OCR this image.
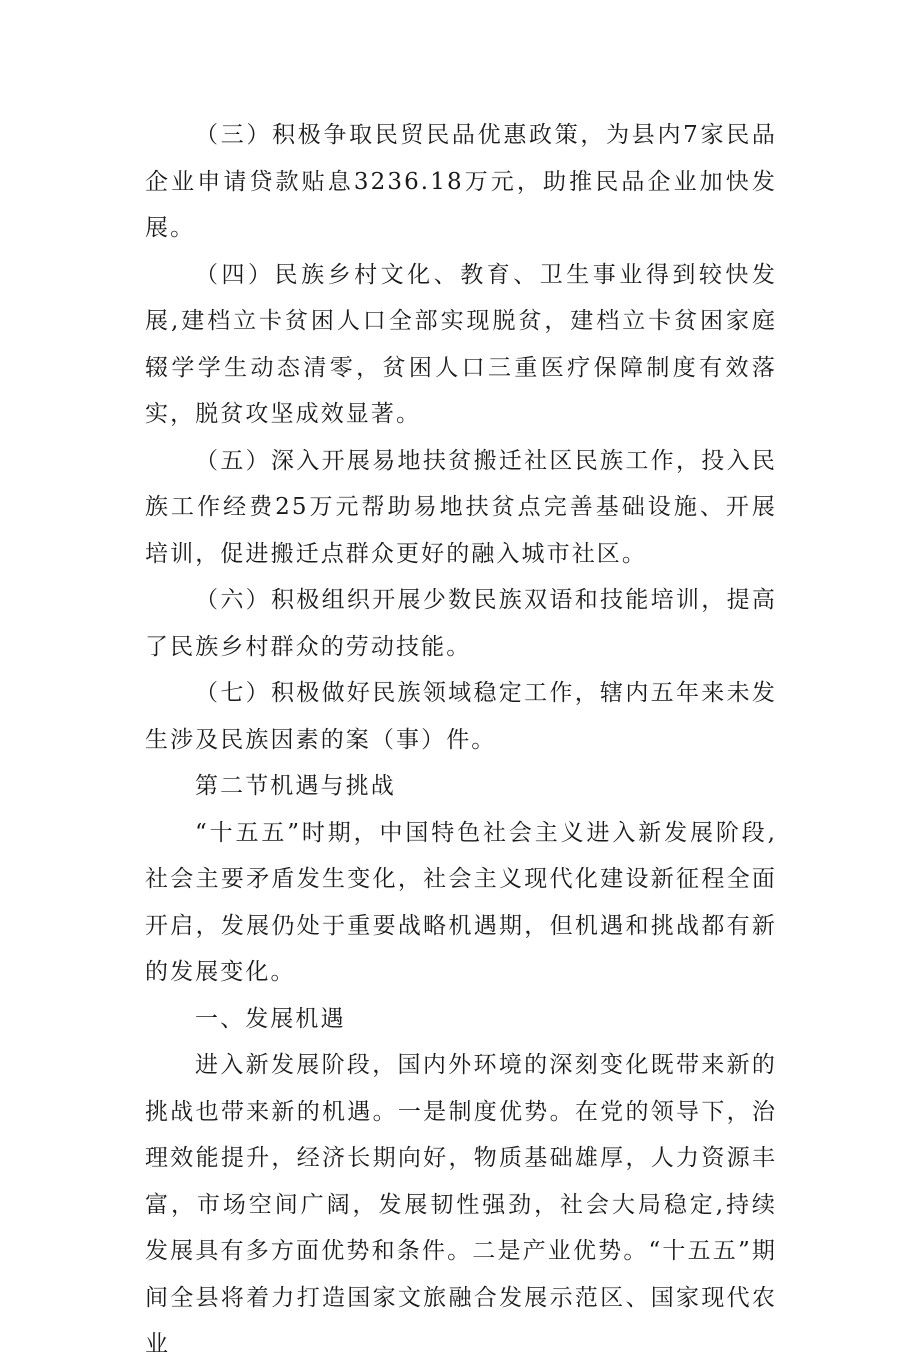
（三）积极争取民贸民品优惠政策，为县内7家民品企业申请贷款贴息3236.18万元，助推民品企业加快发展。

（四）民族乡村文化、教育、卫生事业得到较快发展,建档立卡贫困人口全部实现脱贫，建档立卡贫困家庭辍学学生动态清零，贫困人口三重医疗保障制度有效落实，脱贫攻坚成效显著。

（五）深入开展易地扶贫搬迁社区民族工作，投入民族工作经费25万元帮助易地扶贫点完善基础设施、开展培训，促进搬迁点群众更好的融入城市社区。

（六）积极组织开展少数民族双语和技能培训，提高了民族乡村群众的劳动技能。

（七）积极做好民族领域稳定工作，辖内五年来未发生涉及民族因素的案（事）件。

第二节机遇与挑战

“十五五”时期，中国特色社会主义进入新发展阶段,社会主要矛盾发生变化，社会主义现代化建设新征程全面开启，发展仍处于重要战略机遇期，但机遇和挑战都有新的发展变化。

一、发展机遇

进入新发展阶段，国内外环境的深刻变化既带来新的挑战也带来新的机遇。一是制度优势。在党的领导下，治理效能提升，经济长期向好，物质基础雄厚，人力资源丰富，市场空间广阔，发展韧性强劲，社会大局稳定,持续发展具有多方面优势和条件。二是产业优势。“十五五”期间全县将着力打造国家文旅融合发展示范区、国家现代农业
